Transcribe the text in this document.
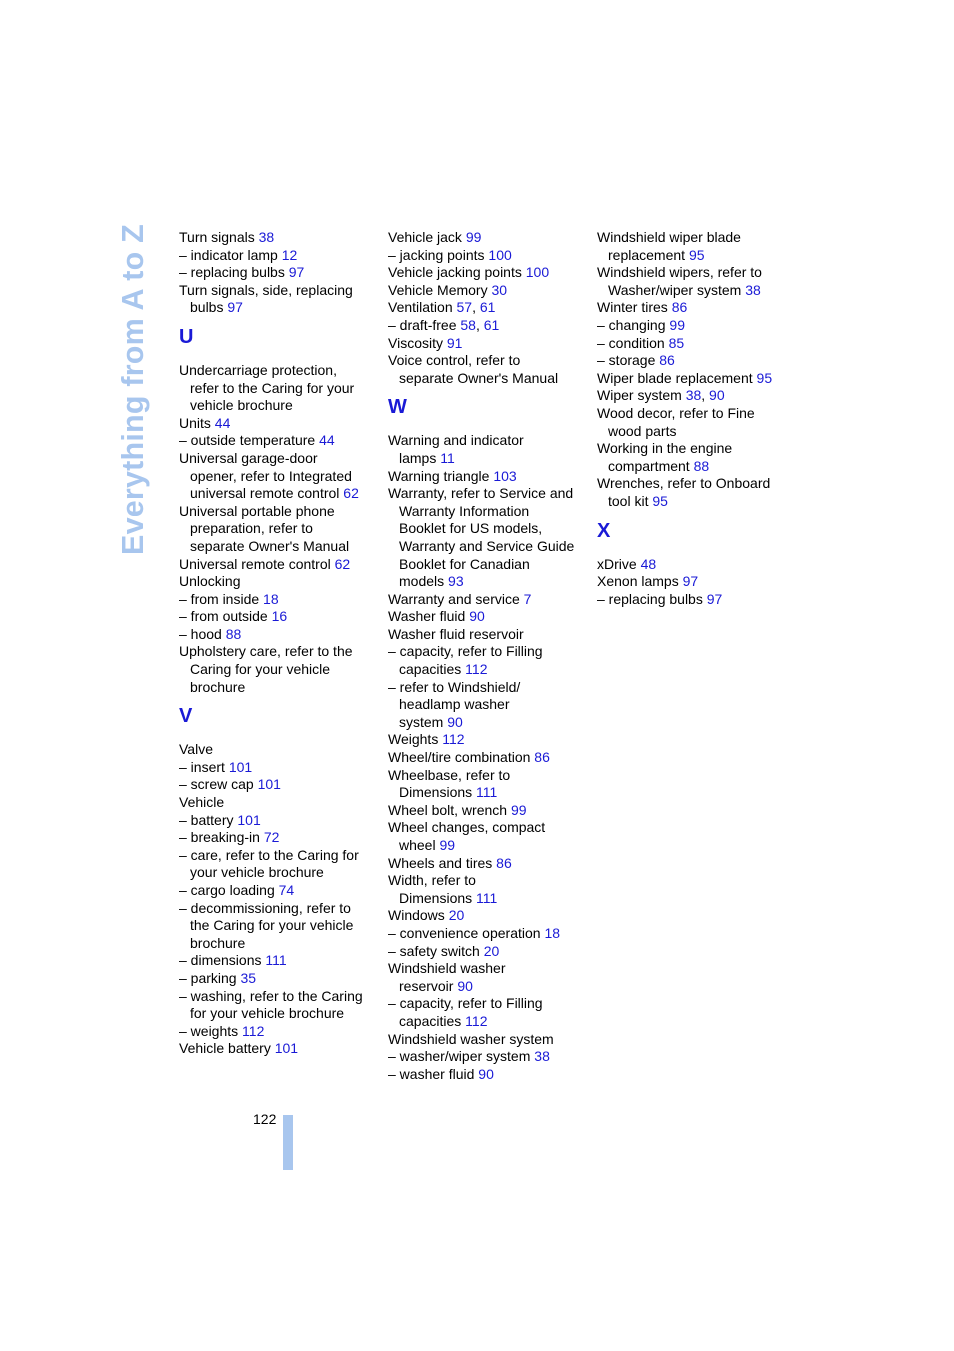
Everything from A to Z Turn signals 38
– indicator lamp 12
– replacing bulbs 97
Turn signals, side, replacing
bulbs 97
U
Undercarriage protection,
refer to the Caring for your
vehicle brochure
Units 44
– outside temperature 44
Universal garage-door
opener, refer to Integrated
universal remote control 62
Universal portable phone
preparation, refer to
separate Owner's Manual
Universal remote control 62
Unlocking
– from inside 18
– from outside 16
– hood 88
Upholstery care, refer to the
Caring for your vehicle
brochure
V
Valve
– insert 101
– screw cap 101
Vehicle
– battery 101
– breaking-in 72
– care, refer to the Caring for
your vehicle brochure
– cargo loading 74
– decommissioning, refer to
the Caring for your vehicle
brochure
– dimensions 111
– parking 35
– washing, refer to the Caring
for your vehicle brochure
– weights 112
Vehicle battery 101
Vehicle jack 99
– jacking points 100
Vehicle jacking points 100
Vehicle Memory 30
Ventilation 57, 61
– draft-free 58, 61
Viscosity 91
Voice control, refer to
separate Owner's Manual
W
Warning and indicator
lamps 11
Warning triangle 103
Warranty, refer to Service and
Warranty Information
Booklet for US models,
Warranty and Service Guide
Booklet for Canadian
models 93
Warranty and service 7
Washer fluid 90
Washer fluid reservoir
– capacity, refer to Filling
capacities 112
– refer to Windshield/
headlamp washer
system 90
Weights 112
Wheel/tire combination 86
Wheelbase, refer to
Dimensions 111
Wheel bolt, wrench 99
Wheel changes, compact
wheel 99
Wheels and tires 86
Width, refer to
Dimensions 111
Windows 20
– convenience operation 18
– safety switch 20
Windshield washer
reservoir 90
– capacity, refer to Filling
capacities 112
Windshield washer system
– washer/wiper system 38
– washer fluid 90
Windshield wiper blade
replacement 95
Windshield wipers, refer to
Washer/wiper system 38
Winter tires 86
– changing 99
– condition 85
– storage 86
Wiper blade replacement 95
Wiper system 38, 90
Wood decor, refer to Fine
wood parts
Working in the engine
compartment 88
Wrenches, refer to Onboard
tool kit 95
X
xDrive 48
Xenon lamps 97
– replacing bulbs 97
122
